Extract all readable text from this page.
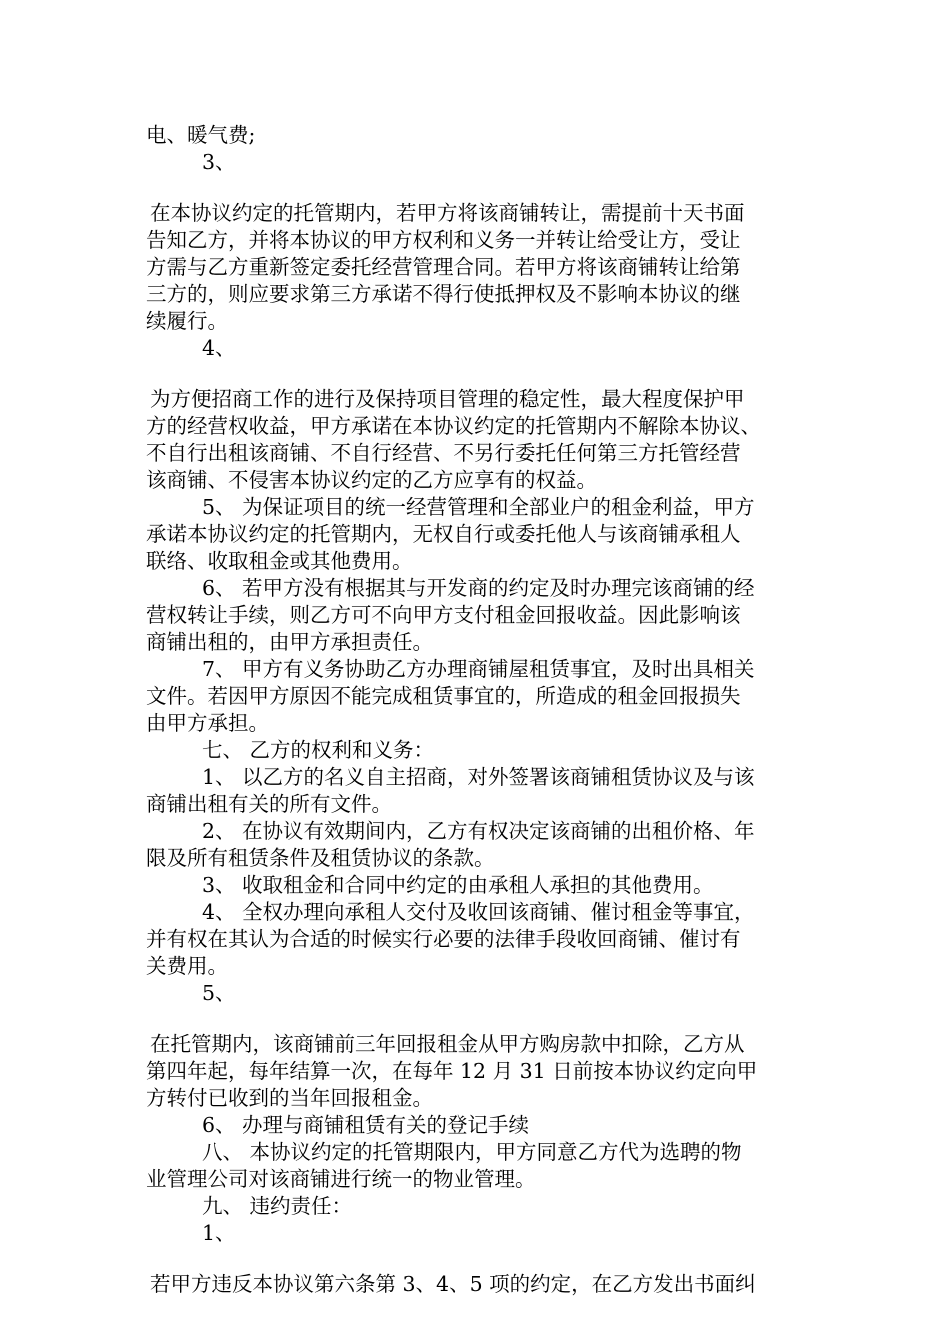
电、暖气费;
3、
在本协议约定的托管期内，若甲方将该商铺转让，需提前十天书面
告知乙方，并将本协议的甲方权利和义务一并转让给受让方，受让
方需与乙方重新签定委托经营管理合同。若甲方将该商铺转让给第
三方的，则应要求第三方承诺不得行使抵押权及不影响本协议的继
续履行。
4、
为方便招商工作的进行及保持项目管理的稳定性，最大程度保护甲
方的经营权收益，甲方承诺在本协议约定的托管期内不解除本协议、
不自行出租该商铺、不自行经营、不另行委托任何第三方托管经营
该商铺、不侵害本协议约定的乙方应享有的权益。
5、 为保证项目的统一经营管理和全部业户的租金利益，甲方
承诺本协议约定的托管期内，无权自行或委托他人与该商铺承租人
联络、收取租金或其他费用。
6、 若甲方没有根据其与开发商的约定及时办理完该商铺的经
营权转让手续，则乙方可不向甲方支付租金回报收益。因此影响该
商铺出租的，由甲方承担责任。
7、 甲方有义务协助乙方办理商铺屋租赁事宜，及时出具相关
文件。若因甲方原因不能完成租赁事宜的，所造成的租金回报损失
由甲方承担。
七、 乙方的权利和义务：
1、 以乙方的名义自主招商，对外签署该商铺租赁协议及与该
商铺出租有关的所有文件。
2、 在协议有效期间内，乙方有权决定该商铺的出租价格、年
限及所有租赁条件及租赁协议的条款。
3、 收取租金和合同中约定的由承租人承担的其他费用。
4、 全权办理向承租人交付及收回该商铺、催讨租金等事宜，
并有权在其认为合适的时候实行必要的法律手段收回商铺、催讨有
关费用。
5、
在托管期内，该商铺前三年回报租金从甲方购房款中扣除，乙方从
第四年起，每年结算一次，在每年 12 月 31 日前按本协议约定向甲
方转付已收到的当年回报租金。
6、 办理与商铺租赁有关的登记手续
八、 本协议约定的托管期限内，甲方同意乙方代为选聘的物
业管理公司对该商铺进行统一的物业管理。
九、 违约责任：
1、
若甲方违反本协议第六条第 3、4、5 项的约定，在乙方发出书面纠
